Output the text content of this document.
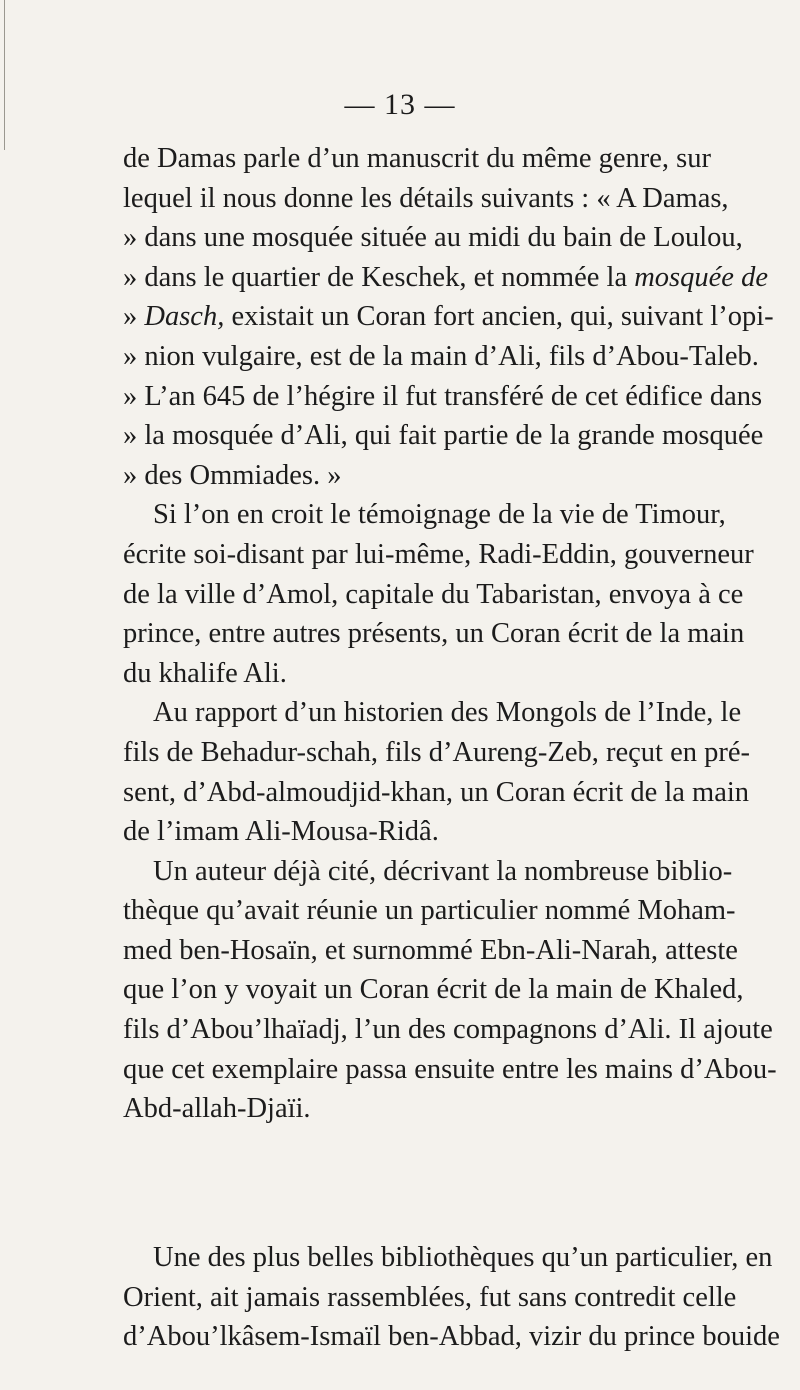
— 13 —
de Damas parle d’un manuscrit du même genre, sur
lequel il nous donne les détails suivants : « A Damas,
» dans une mosquée située au midi du bain de Loulou,
» dans le quartier de Keschek, et nommée la mosquée de
» Dasch, existait un Coran fort ancien, qui, suivant l’opi-
» nion vulgaire, est de la main d’Ali, fils d’Abou-Taleb.
» L’an 645 de l’hégire il fut transféré de cet édifice dans
» la mosquée d’Ali, qui fait partie de la grande mosquée
» des Ommiades. »
Si l’on en croit le témoignage de la vie de Timour,
écrite soi-disant par lui-même, Radi-Eddin, gouverneur
de la ville d’Amol, capitale du Tabaristan, envoya à ce
prince, entre autres présents, un Coran écrit de la main
du khalife Ali.
Au rapport d’un historien des Mongols de l’Inde, le
fils de Behadur-schah, fils d’Aureng-Zeb, reçut en pré-
sent, d’Abd-almoudjid-khan, un Coran écrit de la main
de l’imam Ali-Mousa-Ridâ.
Un auteur déjà cité, décrivant la nombreuse biblio-
thèque qu’avait réunie un particulier nommé Moham-
med ben-Hosaïn, et surnommé Ebn-Ali-Narah, atteste
que l’on y voyait un Coran écrit de la main de Khaled,
fils d’Abou’lhaïadj, l’un des compagnons d’Ali. Il ajoute
que cet exemplaire passa ensuite entre les mains d’Abou-
Abd-allah-Djaïi.
Une des plus belles bibliothèques qu’un particulier, en
Orient, ait jamais rassemblées, fut sans contredit celle
d’Abou’lkâsem-Ismaïl ben-Abbad, vizir du prince bouide
